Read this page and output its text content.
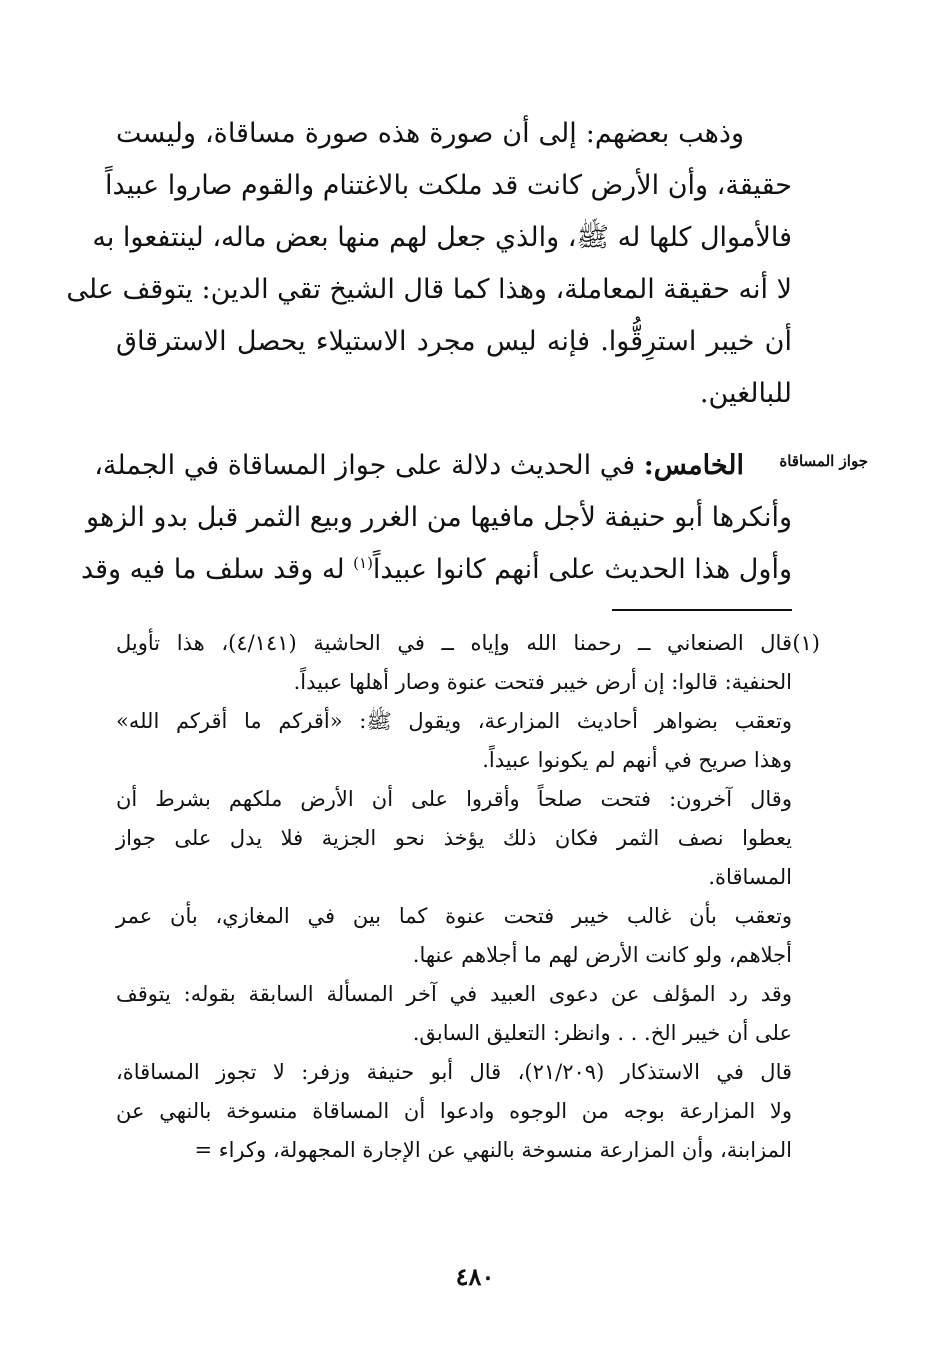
وذهب بعضهم: إلى أن صورة هذه صورة مساقاة، وليست
حقيقة، وأن الأرض كانت قد ملكت بالاغتنام والقوم صاروا عبيداً
فالأموال كلها له ﷺ، والذي جعل لهم منها بعض ماله، لينتفعوا به
لا أنه حقيقة المعاملة، وهذا كما قال الشيخ تقي الدين: يتوقف على
أن خيبر استرِقُّوا. فإنه ليس مجرد الاستيلاء يحصل الاسترقاق
للبالغين.
جواز المساقاة
الخامس: في الحديث دلالة على جواز المساقاة في الجملة،
وأنكرها أبو حنيفة لأجل مافيها من الغرر وبيع الثمر قبل بدو الزهو
وأول هذا الحديث على أنهم كانوا عبيداً$^{(١)}$ له وقد سلف ما فيه وقد
(١)
قال الصنعاني ــ رحمنا الله وإياه ــ في الحاشية (٤/١٤١)، هذا تأويل
الحنفية: قالوا: إن أرض خيبر فتحت عنوة وصار أهلها عبيداً.
وتعقب بضواهر أحاديث المزارعة، ويقول ﷺ: «أقركم ما أقركم الله»
وهذا صريح في أنهم لم يكونوا عبيداً.
وقال آخرون: فتحت صلحاً وأقروا على أن الأرض ملكهم بشرط أن
يعطوا نصف الثمر فكان ذلك يؤخذ نحو الجزية فلا يدل على جواز
المساقاة.
وتعقب بأن غالب خيبر فتحت عنوة كما بين في المغازي، بأن عمر
أجلاهم، ولو كانت الأرض لهم ما أجلاهم عنها.
وقد رد المؤلف عن دعوى العبيد في آخر المسألة السابقة بقوله: يتوقف
على أن خيبر الخ. . . وانظر: التعليق السابق.
قال في الاستذكار (٢١/٢٠٩)، قال أبو حنيفة وزفر: لا تجوز المساقاة،
ولا المزارعة بوجه من الوجوه وادعوا أن المساقاة منسوخة بالنهي عن
المزابنة، وأن المزارعة منسوخة بالنهي عن الإجارة المجهولة، وكراء =
٤٨٠
